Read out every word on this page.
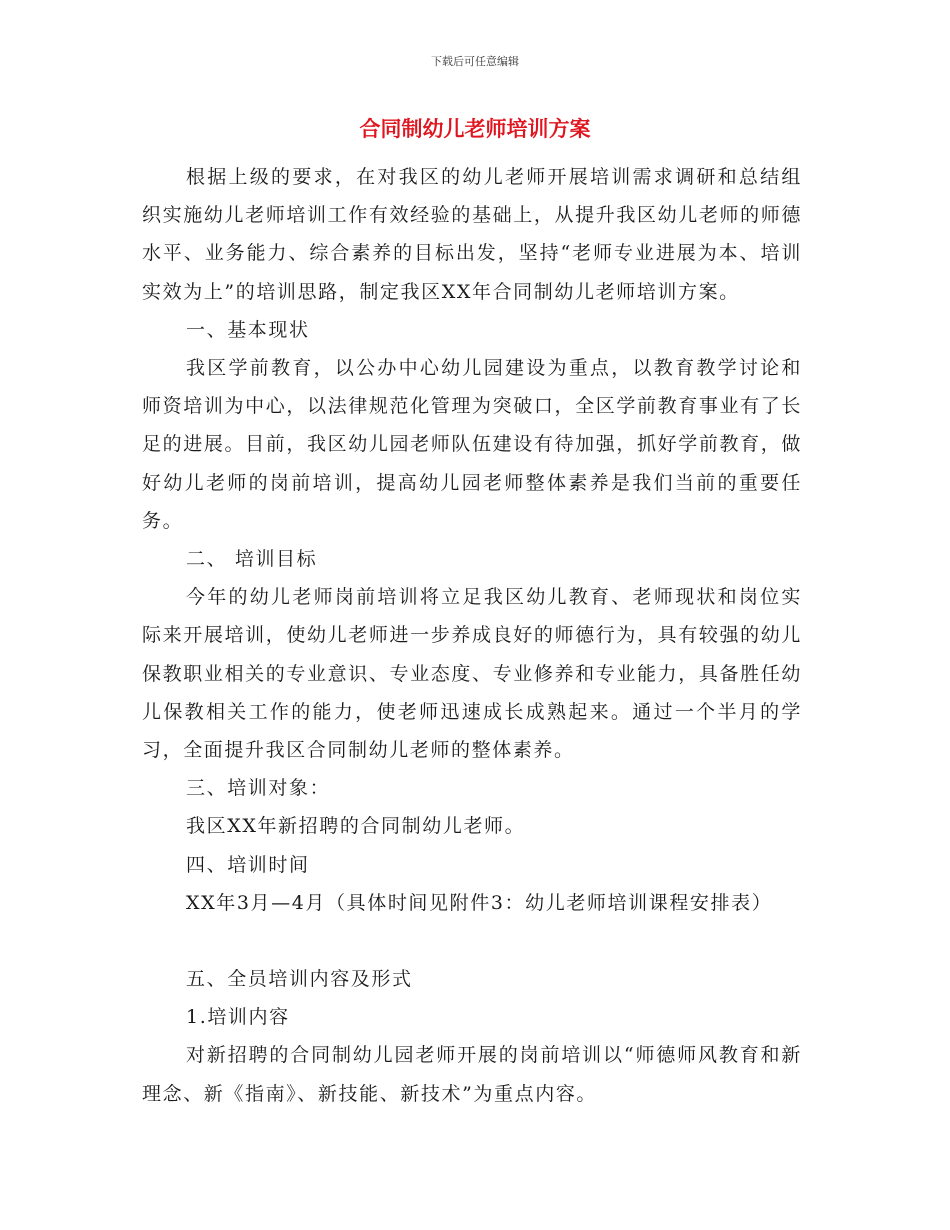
下载后可任意编辑
合同制幼儿老师培训方案

根据上级的要求，在对我区的幼儿老师开展培训需求调研和总结组织实施幼儿老师培训工作有效经验的基础上，从提升我区幼儿老师的师德水平、业务能力、综合素养的目标出发，坚持“老师专业进展为本、培训实效为上”的培训思路，制定我区XX年合同制幼儿老师培训方案。

一、基本现状

我区学前教育，以公办中心幼儿园建设为重点，以教育教学讨论和师资培训为中心，以法律规范化管理为突破口，全区学前教育事业有了长足的进展。目前，我区幼儿园老师队伍建设有待加强，抓好学前教育，做好幼儿老师的岗前培训，提高幼儿园老师整体素养是我们当前的重要任务。

二、 培训目标

今年的幼儿老师岗前培训将立足我区幼儿教育、老师现状和岗位实际来开展培训，使幼儿老师进一步养成良好的师德行为，具有较强的幼儿保教职业相关的专业意识、专业态度、专业修养和专业能力，具备胜任幼儿保教相关工作的能力，使老师迅速成长成熟起来。通过一个半月的学习，全面提升我区合同制幼儿老师的整体素养。

三、培训对象：

我区XX年新招聘的合同制幼儿老师。

四、培训时间

XX年3月—4月（具体时间见附件3：幼儿老师培训课程安排表）

五、全员培训内容及形式

1.培训内容

对新招聘的合同制幼儿园老师开展的岗前培训以“师德师风教育和新理念、新《指南》、新技能、新技术”为重点内容。
